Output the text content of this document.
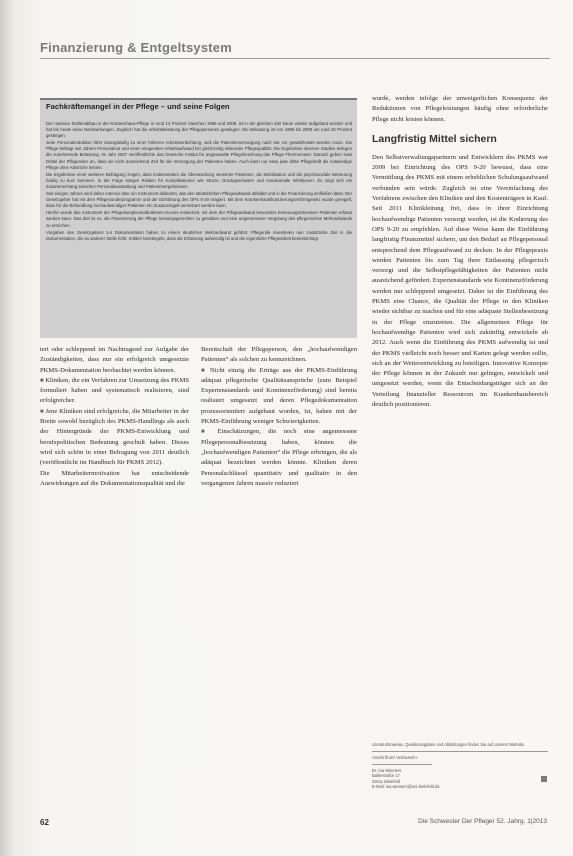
Finanzierung & Entgeltsystem
Fachkräftemangel in der Pflege – und seine Folgen

Der massive Stellenabbau in der Krankenhaus-Pflege in rund 14 Prozent zwischen 1996 und 2008, ist in der gleichen Zeit kaum wieder aufgebaut worden und hat bis heute seine Nachwirkungen. Zugleich hat die Arbeitsbelastung der Pflegepersonen gestiegen. Die Belastung ist von 1995 bis 2009 um rund 25 Prozent gestiegen.

Jede Personalreduktion führt zwangsläufig zu einer höheren Arbeitsverdichtung, weil die Patientenversorgung nach wie vor gewährleistet werden muss. Die Pflege beklagt seit Jahren Personalnot und einen steigenden Arbeitsaufwand bei gleichzeitig sinkender Pflegequalität. Die Ergebnisse diverser Studien belegen die zunehmende Belastung. Im Jahr 2007 veröffentlichte das Deutsche Institut für angewandte Pflegeforschung das Pflege-Thermometer. Danach geben zwei Drittel der Pflegenden an, dass sie nicht ausreichend Zeit für die Versorgung der Patienten haben. Auch kann nur etwa jede dritte Pflegekraft die notwendige Pflege ohne Abstriche leisten.

Die Ergebnisse einer weiteren Befragung zeigen, dass insbesondere die Überwachung verwirrter Patienten, die Mobilisation und die psychosoziale Betreuung häufig zu kurz kommen. In der Folge steigen Risiken für Komplikationen wie Stürze, Druckgeschwüre und nosokomiale Infektionen. Es zeigt sich ein Zusammenhang zwischen Personalausstattung und Patientenergebnissen.

Seit einigen Jahren wird daher intensiv über ein Instrument diskutiert, das den tatsächlichen Pflegeaufwand abbildet und in die Finanzierung einfließen lässt. Der Gesetzgeber hat mit dem Pflegesonderprogramm und der Einführung des OPS 9-20 reagiert. Mit dem Krankenhausfinanzierungsreformgesetz wurde geregelt, dass für die Behandlung hochaufwendiger Patienten ein Zusatzentgelt vereinbart werden kann.

Hierfür wurde das Instrument der Pflegekomplexmaßnahmen-Scores entwickelt, mit dem der Pflegeaufwand besonders betreuungsintensiver Patienten erfasst werden kann. Das Ziel ist es, die Finanzierung der Pflege leistungsgerechter zu gestalten und eine angemessene Vergütung des pflegerischen Mehraufwands zu erreichen.

Vorgaben des Gesetzgebers zur Dokumentation haben zu einem deutlichen Mehraufwand geführt. Pflegende investieren nun zusätzliche Zeit in die Dokumentation, die an anderer Stelle fehlt. Kritiker bemängeln, dass die Erfassung aufwendig ist und die eigentliche Pflegearbeit beeinträchtigt.

wurde, werden infolge der unweigerlichen Konsequenz der Reduktionen von Pflegeleistungen häufig ohne erforderliche Pflege nicht leisten können.

Langfristig Mittel sichern

Den Selbstverwaltungspartnern und Entwicklern des PKMS war 2009 bei Einrichtung des OPS 9-20 bewusst, dass eine Vermittlung des PKMS mit einem erheblichen Schulungsaufwand verbunden sein würde. Zugleich ist eine Vereinfachung des Verfahrens zwischen den Kliniken und den Kostenträgern in Kauf. Seit 2011 Klinikleitung frei, dass in ihrer Einrichtung hochaufwendige Patienten versorgt werden, ist die Kodierung des OPS 9-20 zu empfehlen. Auf diese Weise kann die Einführung langfristig Finanzmittel sichern, um den Bedarf an Pflegepersonal entsprechend dem Pflegeaufwand zu decken. In der Pflegepraxis werden Patienten bis zum Tag ihrer Entlassung pflegerisch versorgt und die Selbstpflegefähigkeiten der Patienten nicht ausreichend gefördert. Expertenstandards wie Kontinenzförderung werden nur schleppend umgesetzt. Daher ist die Einführung des PKMS eine Chance, die Qualität der Pflege in den Kliniken wieder sichtbar zu machen und für eine adäquate Stellenbesetzung in der Pflege einzutreten. Die allgemeinen Pflege für hochaufwendige Patienten wird sich zukünftig entwickeln ab 2012. Auch wenn die Einführung des PKMS aufwendig ist und der PKMS vielleicht noch besser und Karten gelegt werden sollte, sich an der Weiterentwicklung zu beteiligen. Innovative Konzepte der Pflege können in der Zukunft nur gelingen, entwickelt und umgesetzt werden, wenn die Entscheidungsträger sich an der Verteilung finanzieller Ressourcen im Krankenhausbereich deutlich positionieren.

Literaturhinweise, Quellenangaben und Abbildungen finden Sie auf unserer Website.
Anschrift der Verfasserin:
Dr. Ina Wiemers
Ballerstraße 17
33611 Bielefeld
E-Mail: ina.wiemers@uni-bielefeld.de

tert oder schleppend im Nachtragend zur Aufgabe der Zuständigkeiten, dass nur ein erfolgreich umgesetzte PKMS-Dokumentation beobachtet werden können.

■ Kliniken, die ein Verfahren zur Umsetzung des PKMS formuliert haben und systematisch realisieren, sind erfolgreicher.

■ Jene Kliniken sind erfolgreiche, die Mitarbeiter in der Breite sowohl bezüglich des PKMS-Handlings als auch der Hintergründe der PKMS-Entwicklung und berufspolitischen Bedeutung geschult haben. Dieses wird sich schön in einer Befragung von 2011 deutlich (veröffentlicht im Handbuch für PKMS 2012).

Die Mitarbeitermotivation hat entscheidende Auswirkungen auf die Dokumentationsqualität und die

Bereitschaft der Pflegeperson, den „hochaufwendigen Patienten“ als solchen zu kennzeichnen.

■ Nicht einzig die Erträge aus der PKMS-Einführung adäquat pflegerische Qualitätsansprüche (zum Beispiel Expertenstandards und Kontinenzförderung) sind bereits realisiert umgesetzt und deren Pflegedokumentation prozessorientiert aufgebaut worden, ist, haben mit der PKMS-Einführung weniger Schwierigkeiten.

■ Einschätzungen, die noch eine angemessene Pflegepersonalbesetzung haben, können die „hochaufwendigen Patienten“ die Pflege erbringen, die als adäquat bezeichnet werden könnte. Kliniken deren Personalschlüssel quantitativ und qualitativ in den vergangenen Jahren massiv reduziert

62	Die Schwester Der Pfleger 52. Jahrg. 1|2013
